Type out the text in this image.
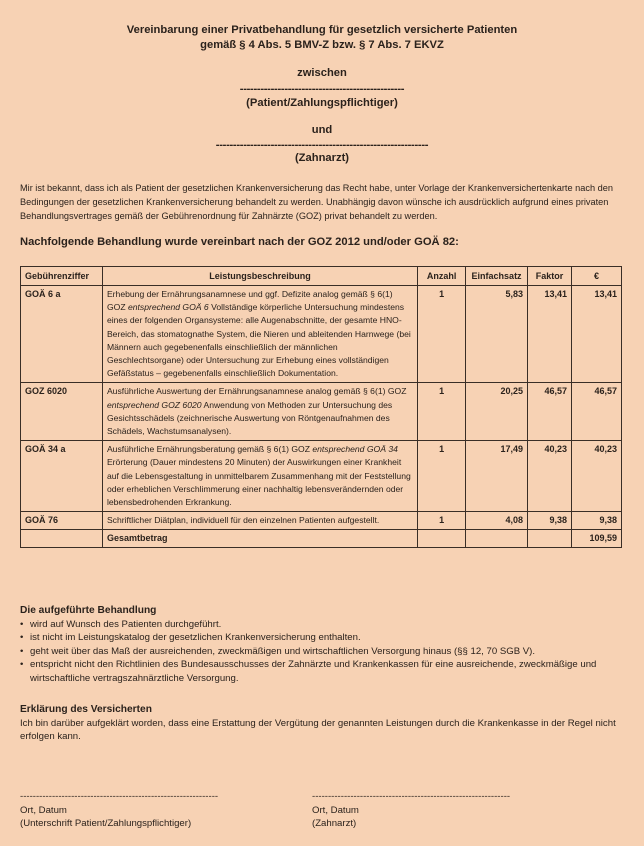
Vereinbarung einer Privatbehandlung für gesetzlich versicherte Patienten
gemäß § 4 Abs. 5 BMV-Z bzw. § 7 Abs. 7 EKVZ
zwischen
------------------------------------------------
(Patient/Zahlungspflichtiger)
und
--------------------------------------------------------------
(Zahnarzt)
Mir ist bekannt, dass ich als Patient der gesetzlichen Krankenversicherung das Recht habe, unter Vorlage der Krankenversichertenkarte nach den Bedingungen der gesetzlichen Krankenversicherung behandelt zu werden. Unabhängig davon wünsche ich ausdrücklich aufgrund eines privaten Behandlungsvertrages gemäß der Gebührenordnung für Zahnärzte (GOZ) privat behandelt zu werden.
Nachfolgende Behandlung wurde vereinbart nach der GOZ 2012 und/oder GOÄ 82:
Gebührenziffer	Leistungsbeschreibung	Anzahl	Einfachsatz	Faktor	€
GOÄ 6 a	Erhebung der Ernährungsanamnese und ggf. Defizite analog gemäß § 6(1) GOZ entsprechend GOÄ 6 Vollständige körperliche Untersuchung mindestens eines der folgenden Organsysteme: alle Augenabschnitte, der gesamte HNO-Bereich, das stomatognathe System, die Nieren und ableitenden Harnwege (bei Männern auch gegebenenfalls einschließlich der männlichen Geschlechtsorgane) oder Untersuchung zur Erhebung eines vollständigen Gefäßstatus – gegebenenfalls einschließlich Dokumentation.	1	5,83	13,41	13,41
GOZ 6020	Ausführliche Auswertung der Ernährungsanamnese analog gemäß § 6(1) GOZ entsprechend GOZ 6020 Anwendung von Methoden zur Untersuchung des Gesichtsschädels (zeichnerische Auswertung von Röntgenaufnahmen des Schädels, Wachstumsanalysen).	1	20,25	46,57	46,57
GOÄ 34 a	Ausführliche Ernährungsberatung gemäß § 6(1) GOZ entsprechend GOÄ 34 Erörterung (Dauer mindestens 20 Minuten) der Auswirkungen einer Krankheit auf die Lebensgestaltung in unmittelbarem Zusammenhang mit der Feststellung oder erheblichen Verschlimmerung einer nachhaltig lebensverändernden oder lebensbedrohenden Erkrankung.	1	17,49	40,23	40,23
GOÄ 76	Schriftlicher Diätplan, individuell für den einzelnen Patienten aufgestellt.	1	4,08	9,38	9,38
	Gesamtbetrag				109,59
Die aufgeführte Behandlung
• wird auf Wunsch des Patienten durchgeführt.
• ist nicht im Leistungskatalog der gesetzlichen Krankenversicherung enthalten.
• geht weit über das Maß der ausreichenden, zweckmäßigen und wirtschaftlichen Versorgung hinaus (§§ 12, 70 SGB V).
• entspricht nicht den Richtlinien des Bundesausschusses der Zahnärzte und Krankenkassen für eine ausreichende, zweckmäßige und wirtschaftliche vertragszahnärztliche Versorgung.
Erklärung des Versicherten
Ich bin darüber aufgeklärt worden, dass eine Erstattung der Vergütung der genannten Leistungen durch die Krankenkasse in der Regel nicht erfolgen kann.
--------------------------------------------------------------
Ort, Datum
(Unterschrift Patient/Zahlungspflichtiger)
--------------------------------------------------------------
Ort, Datum
(Zahnarzt)
